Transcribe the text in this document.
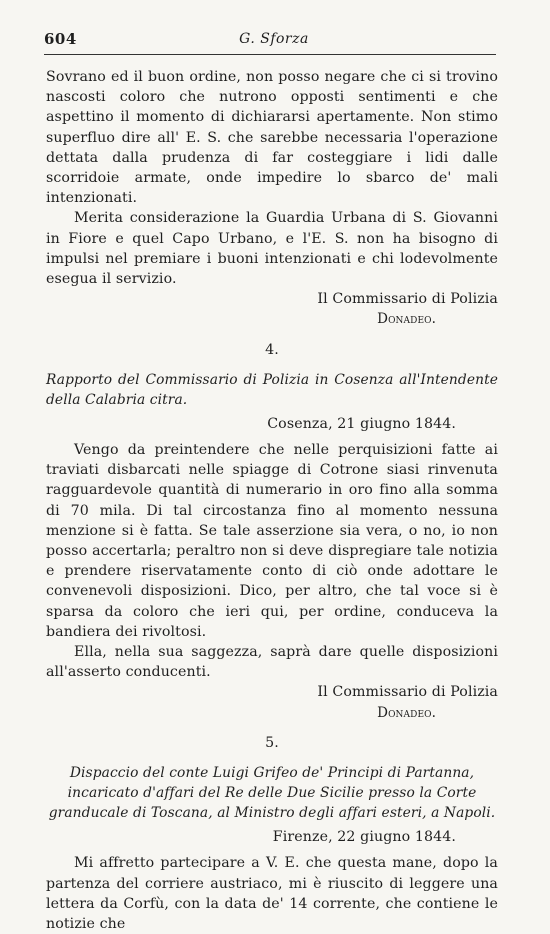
604	G. Sforza

Sovrano ed il buon ordine, non posso negare che ci si trovino nascosti coloro che nutrono opposti sentimenti e che aspettino il momento di dichiararsi apertamente. Non stimo superfluo dire all' E. S. che sarebbe necessaria l'operazione dettata dalla prudenza di far costeggiare i lidi dalle scorridoie armate, onde impedire lo sbarco de' mali intenzionati.

Merita considerazione la Guardia Urbana di S. Giovanni in Fiore e quel Capo Urbano, e l'E. S. non ha bisogno di impulsi nel premiare i buoni intenzionati e chi lodevolmente esegua il servizio.

Il Commissario di Polizia
Donadeo.

4.

Rapporto del Commissario di Polizia in Cosenza all'Intendente della Calabria citra.

Cosenza, 21 giugno 1844.

Vengo da preintendere che nelle perquisizioni fatte ai traviati disbarcati nelle spiagge di Cotrone siasi rinvenuta ragguardevole quantità di numerario in oro fino alla somma di 70 mila. Di tal circostanza fino al momento nessuna menzione si è fatta. Se tale asserzione sia vera, o no, io non posso accertarla; peraltro non si deve dispregiare tale notizia e prendere riservatamente conto di ciò onde adottare le convenevoli disposizioni. Dico, per altro, che tal voce si è sparsa da coloro che ieri qui, per ordine, conduceva la bandiera dei rivoltosi.

Ella, nella sua saggezza, saprà dare quelle disposizioni all'asserto conducenti.

Il Commissario di Polizia
Donadeo.

5.

Dispaccio del conte Luigi Grifeo de' Principi di Partanna, incaricato d'affari del Re delle Due Sicilie presso la Corte granducale di Toscana, al Ministro degli affari esteri, a Napoli.

Firenze, 22 giugno 1844.

Mi affretto partecipare a V. E. che questa mane, dopo la partenza del corriere austriaco, mi è riuscito di leggere una lettera da Corfù, con la data de' 14 corrente, che contiene le notizie che
